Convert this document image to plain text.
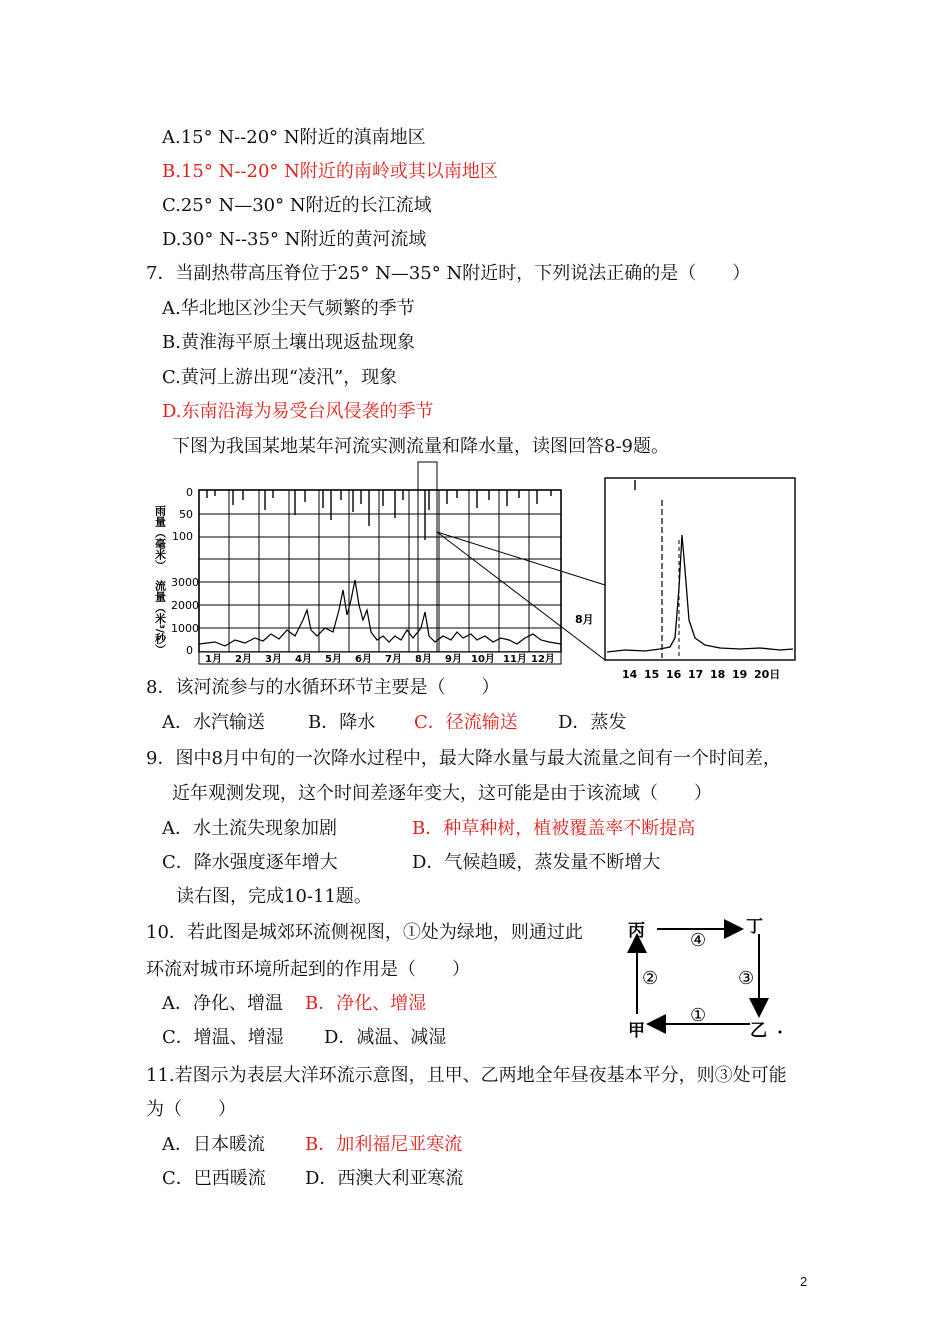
A.15° N--20° N附近的滇南地区
B.15° N--20° N附近的南岭或其以南地区
C.25° N—30° N附近的长江流域
D.30° N--35° N附近的黄河流域
7．当副热带高压脊位于25° N—35° N附近时，下列说法正确的是（　　）
A.华北地区沙尘天气频繁的季节
B.黄淮海平原土壤出现返盐现象
C.黄河上游出现“凌汛”，现象
D.东南沿海为易受台风侵袭的季节
下图为我国某地某年河流实测流量和降水量，读图回答8-9题。
雨量（毫米）
0
50
100
流量（米³/秒） 3000
2000
1000
0
1月 2月 3月 4月 5月 6月 7月 8月 9月 10月 11月 12月
8月
14 15 16 17 18 19 20日
8．该河流参与的水循环环节主要是（　　）
A．水汽输送 B．降水 C．径流输送 D．蒸发
9．图中8月中旬的一次降水过程中，最大降水量与最大流量之间有一个时间差，
近年观测发现，这个时间差逐年变大，这可能是由于该流域（　　）
A．水土流失现象加剧	B．种草种树，植被覆盖率不断提高
C．降水强度逐年增大	D．气候趋暖，蒸发量不断增大
读右图，完成10-11题。
10．若此图是城郊环流侧视图，①处为绿地，则通过此
环流对城市环境所起到的作用是（　　）
A．净化、增温 B．净化、增湿
C．增温、增湿 D．减温、减湿
丙	丁
甲	乙
④
②	③
①
11.若图示为表层大洋环流示意图，且甲、乙两地全年昼夜基本平分，则③处可能
为（　　）
A．日本暖流 B．加利福尼亚寒流
C．巴西暖流 D．西澳大利亚寒流
2
